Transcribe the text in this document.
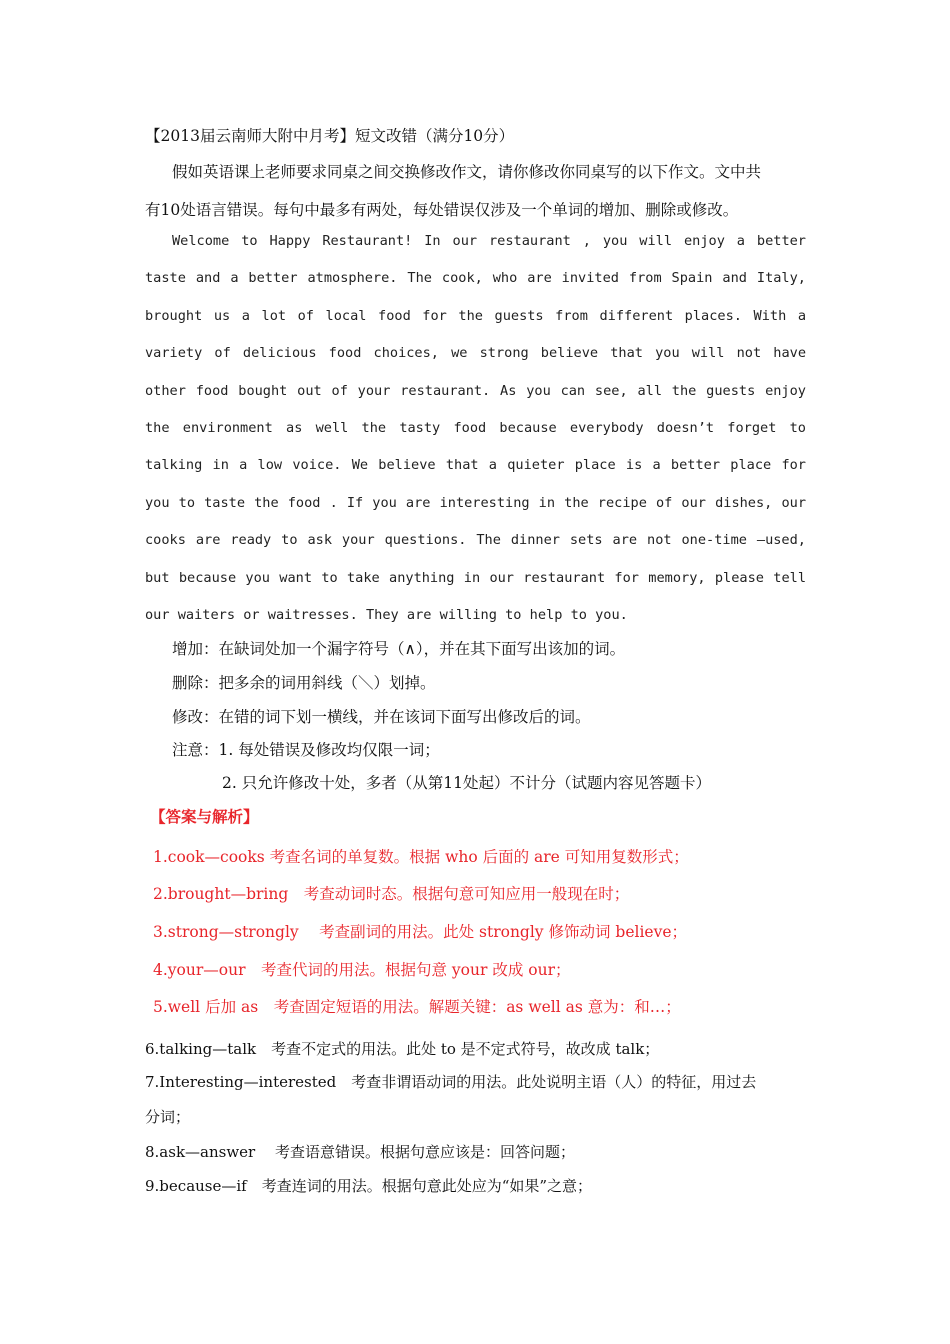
【2013届云南师大附中月考】短文改错（满分10分）
假如英语课上老师要求同桌之间交换修改作文，请你修改你同桌写的以下作文。文中共
有10处语言错误。每句中最多有两处，每处错误仅涉及一个单词的增加、删除或修改。
Welcome to Happy Restaurant! In our restaurant , you will enjoy a better
taste and a better atmosphere. The cook, who are invited from Spain and Italy,
brought us a lot of local food for the guests from different places. With a
variety of delicious food choices, we strong believe that you will not have
other food bought out of your restaurant. As you can see, all the guests enjoy
the environment as well the tasty food because everybody doesn’t forget to
talking in a low voice. We believe that a quieter place is a better place for
you to taste the food . If you are interesting in the recipe of our dishes, our
cooks are ready to ask your questions. The dinner sets are not one-time –used,
but because you want to take anything in our restaurant for memory, please tell
our waiters or waitresses. They are willing to help to you.
增加：在缺词处加一个漏字符号（∧），并在其下面写出该加的词。
删除：把多余的词用斜线（＼）划掉。
修改：在错的词下划一横线，并在该词下面写出修改后的词。
注意：1. 每处错误及修改均仅限一词；
2. 只允许修改十处，多者（从第11处起）不计分（试题内容见答题卡）
【答案与解析】
1.cook—cooks 考查名词的单复数。根据 who 后面的 are 可知用复数形式；
2.brought—bring　考查动词时态。根据句意可知应用一般现在时；
3.strong—strongly　 考查副词的用法。此处 strongly 修饰动词 believe；
4.your—our　考查代词的用法。根据句意 your 改成 our；
5.well 后加 as　考查固定短语的用法。解题关键：as well as 意为：和…；
6.talking—talk　考查不定式的用法。此处 to 是不定式符号，故改成 talk；
7.Interesting—interested　考查非谓语动词的用法。此处说明主语（人）的特征，用过去
分词；
8.ask—answer　 考查语意错误。根据句意应该是：回答问题；
9.because—if　考查连词的用法。根据句意此处应为“如果”之意；
